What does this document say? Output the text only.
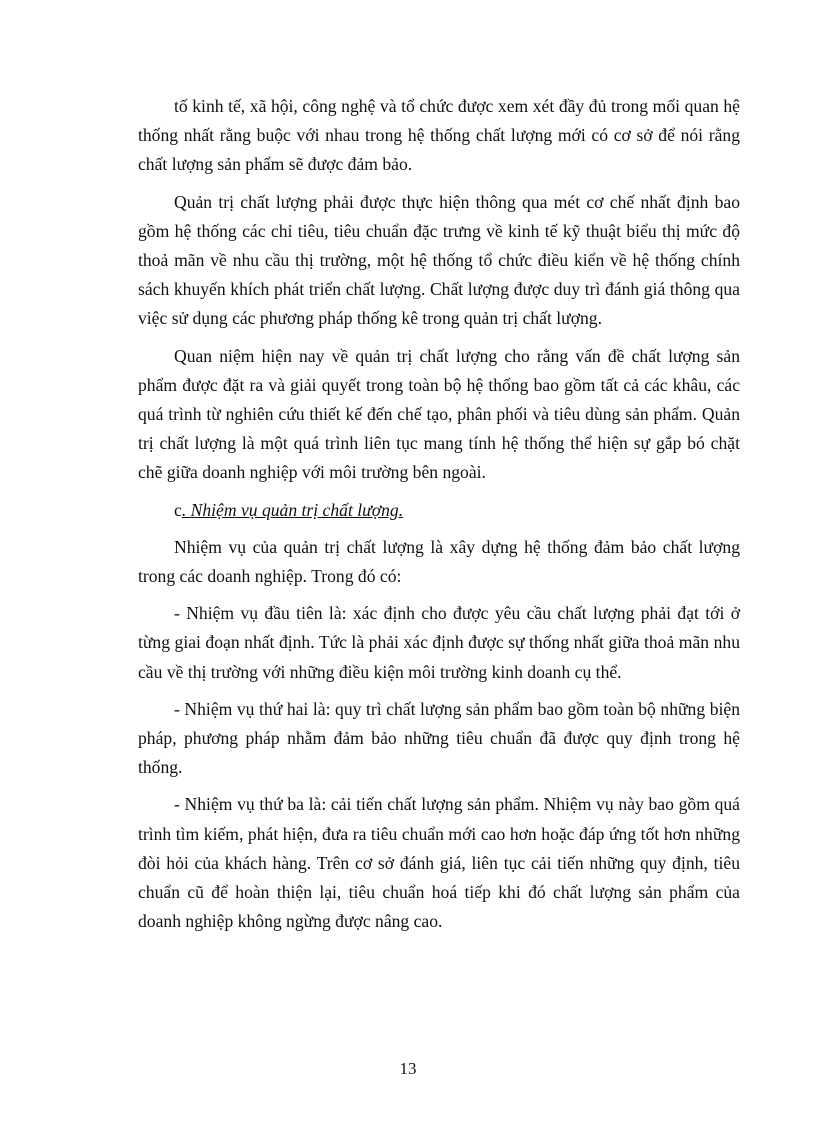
tố kinh tế, xã hội, công nghệ và tổ chức được xem xét đầy đủ trong mối quan hệ thống nhất rằng buộc với nhau trong hệ thống chất lượng mới có cơ sở để nói rằng chất lượng sản phẩm sẽ được đảm bảo.

Quản trị chất lượng phải được thực hiện thông qua mét cơ chế nhất định bao gồm hệ thống các chỉ tiêu, tiêu chuẩn đặc trưng về kinh tế kỹ thuật biểu thị mức độ thoả mãn về nhu cầu thị trường, một hệ thống tổ chức điều kiển về hệ thống chính sách khuyến khích phát triển chất lượng. Chất lượng được duy trì đánh giá thông qua việc sử dụng các phương pháp thống kê trong quản trị chất lượng.

Quan niệm hiện nay về quản trị chất lượng cho rằng vấn đề chất lượng sản phẩm được đặt ra và giải quyết trong toàn bộ hệ thống bao gồm tất cả các khâu, các quá trình từ nghiên cứu thiết kế đến chế tạo, phân phối và tiêu dùng sản phẩm. Quản trị chất lượng là một quá trình liên tục mang tính hệ thống thể hiện sự gắp bó chặt chẽ giữa doanh nghiệp với môi trường bên ngoài.

c. Nhiệm vụ quản trị chất lượng.

Nhiệm vụ của quản trị chất lượng là xây dựng hệ thống đảm bảo chất lượng trong các doanh nghiệp. Trong đó có:

- Nhiệm vụ đầu tiên là: xác định cho được yêu cầu chất lượng phải đạt tới ở từng giai đoạn nhất định. Tức là phải xác định được sự thống nhất giữa thoả mãn nhu cầu về thị trường với những điều kiện môi trường kinh doanh cụ thể.

- Nhiệm vụ thứ hai là: quy trì chất lượng sản phẩm bao gồm toàn bộ những biện pháp, phương pháp nhằm đảm bảo những tiêu chuẩn đã được quy định trong hệ thống.

- Nhiệm vụ thứ ba là: cải tiến chất lượng sản phẩm. Nhiệm vụ này bao gồm quá trình tìm kiếm, phát hiện, đưa ra tiêu chuẩn mới cao hơn hoặc đáp ứng tốt hơn những đòi hỏi của khách hàng. Trên cơ sở đánh giá, liên tục cải tiến những quy định, tiêu chuẩn cũ để hoàn thiện lại, tiêu chuẩn hoá tiếp khi đó chất lượng sản phẩm của doanh nghiệp không ngừng được nâng cao.

13
